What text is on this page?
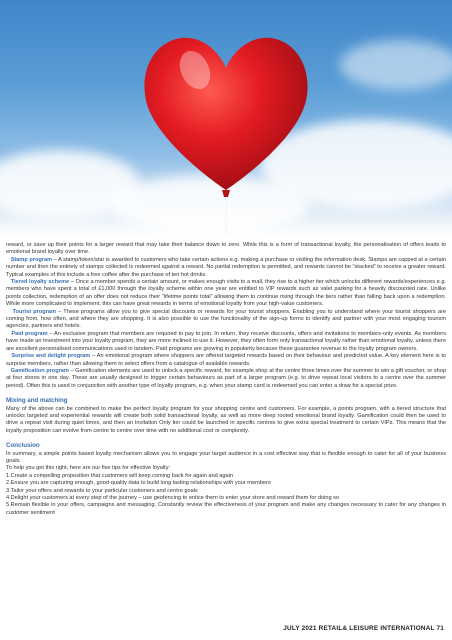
reward, or save up their points for a larger reward that may take their balance down to zero. While this is a form of transactional loyalty, the personalisation of offers leads to emotional brand loyalty over time.

Stamp program – A stamp/token/star is awarded to customers who take certain actions e.g. making a purchase or visiting the information desk. Stamps are capped at a certain number and then the entirety of stamps collected is redeemed against a reward. No partial redemption is permitted, and rewards cannot be “stacked” to receive a greater reward. Typical examples of this include a free coffee after the purchase of ten hot drinks.

Tiered loyalty scheme – Once a member spends a certain amount, or makes enough visits to a mall, they rise to a higher tier which unlocks different rewards/experiences e.g. members who have spent a total of £1,000 through the loyalty scheme within one year are entitled to VIP rewards such as valet parking for a heavily discounted rate. Unlike points collection, redemption of an offer does not reduce their “lifetime points total” allowing them to continue rising through the tiers rather than falling back upon a redemption. While more complicated to implement, this can have great rewards in terms of emotional loyalty from your high-value customers.

Tourist program – These programs allow you to give special discounts or rewards for your tourist shoppers. Enabling you to understand where your tourist shoppers are coming from, how often, and where they are shopping. It is also possible to use the functionality of the sign-up forms to identify and partner with your most engaging tourism agencies, partners and hotels.

Paid program – An exclusive program that members are required to pay to join. In return, they receive discounts, offers and invitations to members-only events. As members have made an investment into your loyalty program, they are more inclined to use it. However, they often form only transactional loyalty rather than emotional loyalty, unless there are excellent personalised communications used in tandem. Paid programs are growing in popularity because these guarantee revenue to the loyalty program owners.

Surprise and delight program – An emotional program where shoppers are offered targeted rewards based on their behaviour and predicted value. A key element here is to surprise members, rather than allowing them to select offers from a catalogue of available rewards.

Gamification program – Gamification elements are used to unlock a specific reward, for example shop at the centre three times over the summer to win a gift voucher, or shop at four stores in one day. These are usually designed to trigger certain behaviours as part of a larger program (e.g. to drive repeat local visitors to a centre over the summer period). Often this is used in conjunction with another type of loyalty program, e.g. when your stamp card is redeemed you can enter a draw for a special prize.

Mixing and matching

Many of the above can be combined to make the perfect loyalty program for your shopping centre and customers. For example, a points program, with a tiered structure that unlocks targeted and experiential rewards will create both solid transactional loyalty, as well as more deep rooted emotional brand loyalty. Gamification could then be used to drive a repeat visit during quiet times, and then an Invitation Only tier could be launched in specific centres to give extra special treatment to certain VIPs. This means that the loyalty proposition can evolve from centre to centre over time with no additional cost or complexity.

Conclusion

In summary, a simple points based loyalty mechanism allows you to engage your target audience in a cost effective way that is flexible enough to cater for all of your business goals.

To help you get this right, here are our five tips for effective loyalty:

1.Create a compelling proposition that customers will keep coming back for again and again
2.Ensure you are capturing enough, good-quality data to build long lasting relationships with your members
3.Tailor your offers and rewards to your particular customers and centre goals
4.Delight your customers at every step of the journey – use geofencing to entice them to enter your store and reward them for doing so
5.Remain flexible in your offers, campaigns and messaging. Constantly review the effectiveness of your program and make any changes necessary to cater for any changes in customer sentiment
JULY 2021 RETAIL& LEISURE INTERNATIONAL 71
